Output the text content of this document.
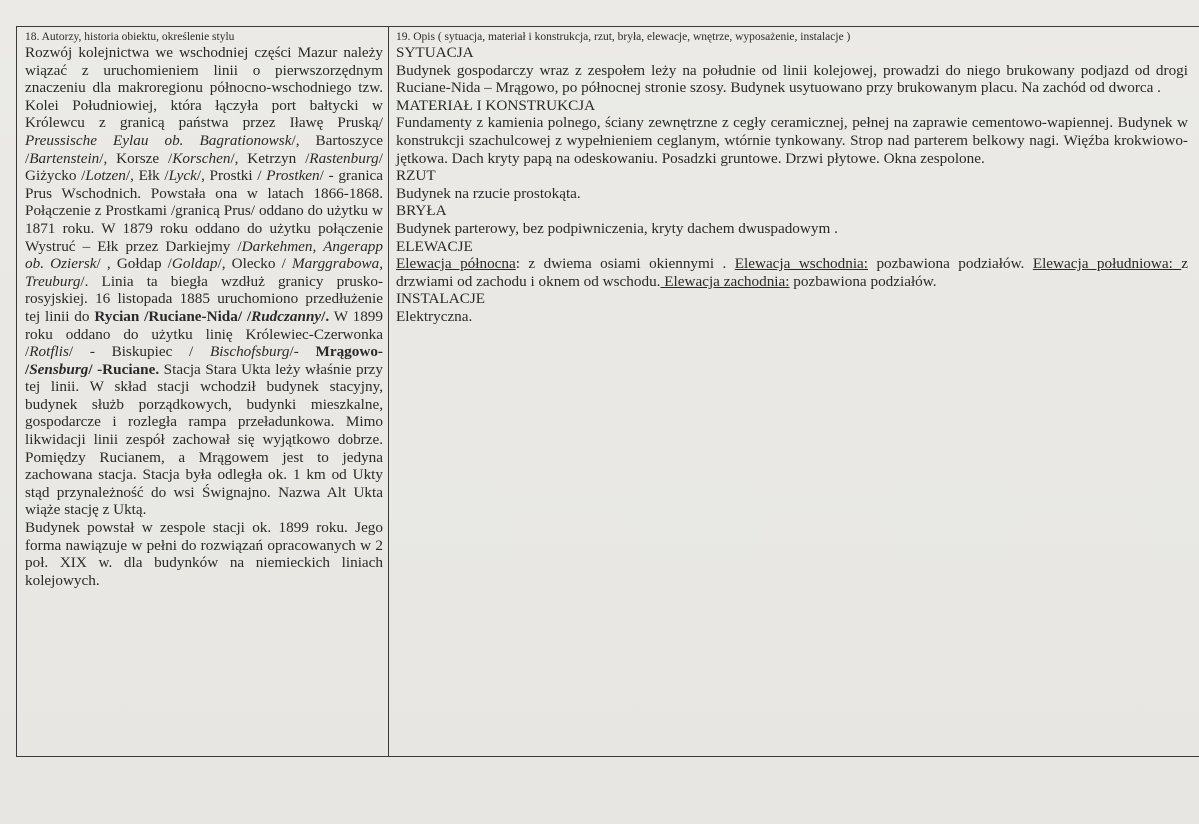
18. Autorzy, historia obiektu, określenie stylu

Rozwój kolejnictwa we wschodniej części Mazur należy wiązać z uruchomieniem linii o pierwszorzędnym znaczeniu dla makroregionu północno-wschodniego tzw. Kolei Południowiej, która łączyła port bałtycki w Królewcu z granicą państwa przez Iławę Pruską/ Preussische Eylau ob. Bagrationowsk/, Bartoszyce /Bartenstein/, Korsze /Korschen/, Ketrzyn /Rastenburg/ Giżycko /Lotzen/, Ełk /Lyck/, Prostki / Prostken/ - granica Prus Wschodnich. Powstała ona w latach 1866-1868. Połączenie z Prostkami /granicą Prus/ oddano do użytku w 1871 roku. W 1879 roku oddano do użytku połączenie Wystruć – Ełk przez Darkiejmy /Darkehmen, Angerapp ob. Oziersk/ , Gołdap /Goldap/, Olecko / Marggrabowa, Treuburg/. Linia ta biegła wzdłuż granicy prusko-rosyjskiej. 16 listopada 1885 uruchomiono przedłużenie tej linii do Rycian /Ruciane-Nida/ /Rudczanny/. W 1899 roku oddano do użytku linię Królewiec-Czerwonka /Rotflis/ - Biskupiec / Bischofsburg/- Mrągowo- /Sensburg/ -Ruciane. Stacja Stara Ukta leży właśnie przy tej linii. W skład stacji wchodził budynek stacyjny, budynek służb porządkowych, budynki mieszkalne, gospodarcze i rozległa rampa przeładunkowa. Mimo likwidacji linii zespół zachował się wyjątkowo dobrze. Pomiędzy Rucianem, a Mrągowem jest to jedyna zachowana stacja. Stacja była odległa ok. 1 km od Ukty stąd przynależność do wsi Śwignajno. Nazwa Alt Ukta wiąże stację z Uktą.

Budynek powstał w zespole stacji ok. 1899 roku. Jego forma nawiązuje w pełni do rozwiązań opracowanych w 2 poł. XIX w. dla budynków na niemieckich liniach kolejowych.

19. Opis ( sytuacja, materiał i konstrukcja, rzut, bryła, elewacje, wnętrze, wyposażenie, instalacje )
SYTUACJA

Budynek gospodarczy wraz z zespołem leży na południe od linii kolejowej, prowadzi do niego brukowany podjazd od drogi Ruciane-Nida – Mrągowo, po północnej stronie szosy. Budynek usytuowano przy brukowanym placu. Na zachód od dworca .

MATERIAŁ I KONSTRUKCJA

Fundamenty z kamienia polnego, ściany zewnętrzne z cegły ceramicznej, pełnej na zaprawie cementowo-wapiennej. Budynek w konstrukcji szachulcowej z wypełnieniem ceglanym, wtórnie tynkowany. Strop nad parterem belkowy nagi. Więźba krokwiowo-jętkowa. Dach kryty papą na odeskowaniu. Posadzki gruntowe. Drzwi płytowe. Okna zespolone.

RZUT

Budynek na rzucie prostokąta.

BRYŁA

Budynek parterowy, bez podpiwniczenia, kryty dachem dwuspadowym .

ELEWACJE

Elewacja północna: z dwiema osiami okiennymi . Elewacja wschodnia: pozbawiona podziałów. Elewacja południowa: z drzwiami od zachodu i oknem od wschodu. Elewacja zachodnia: pozbawiona podziałów.

INSTALACJE

Elektryczna.
